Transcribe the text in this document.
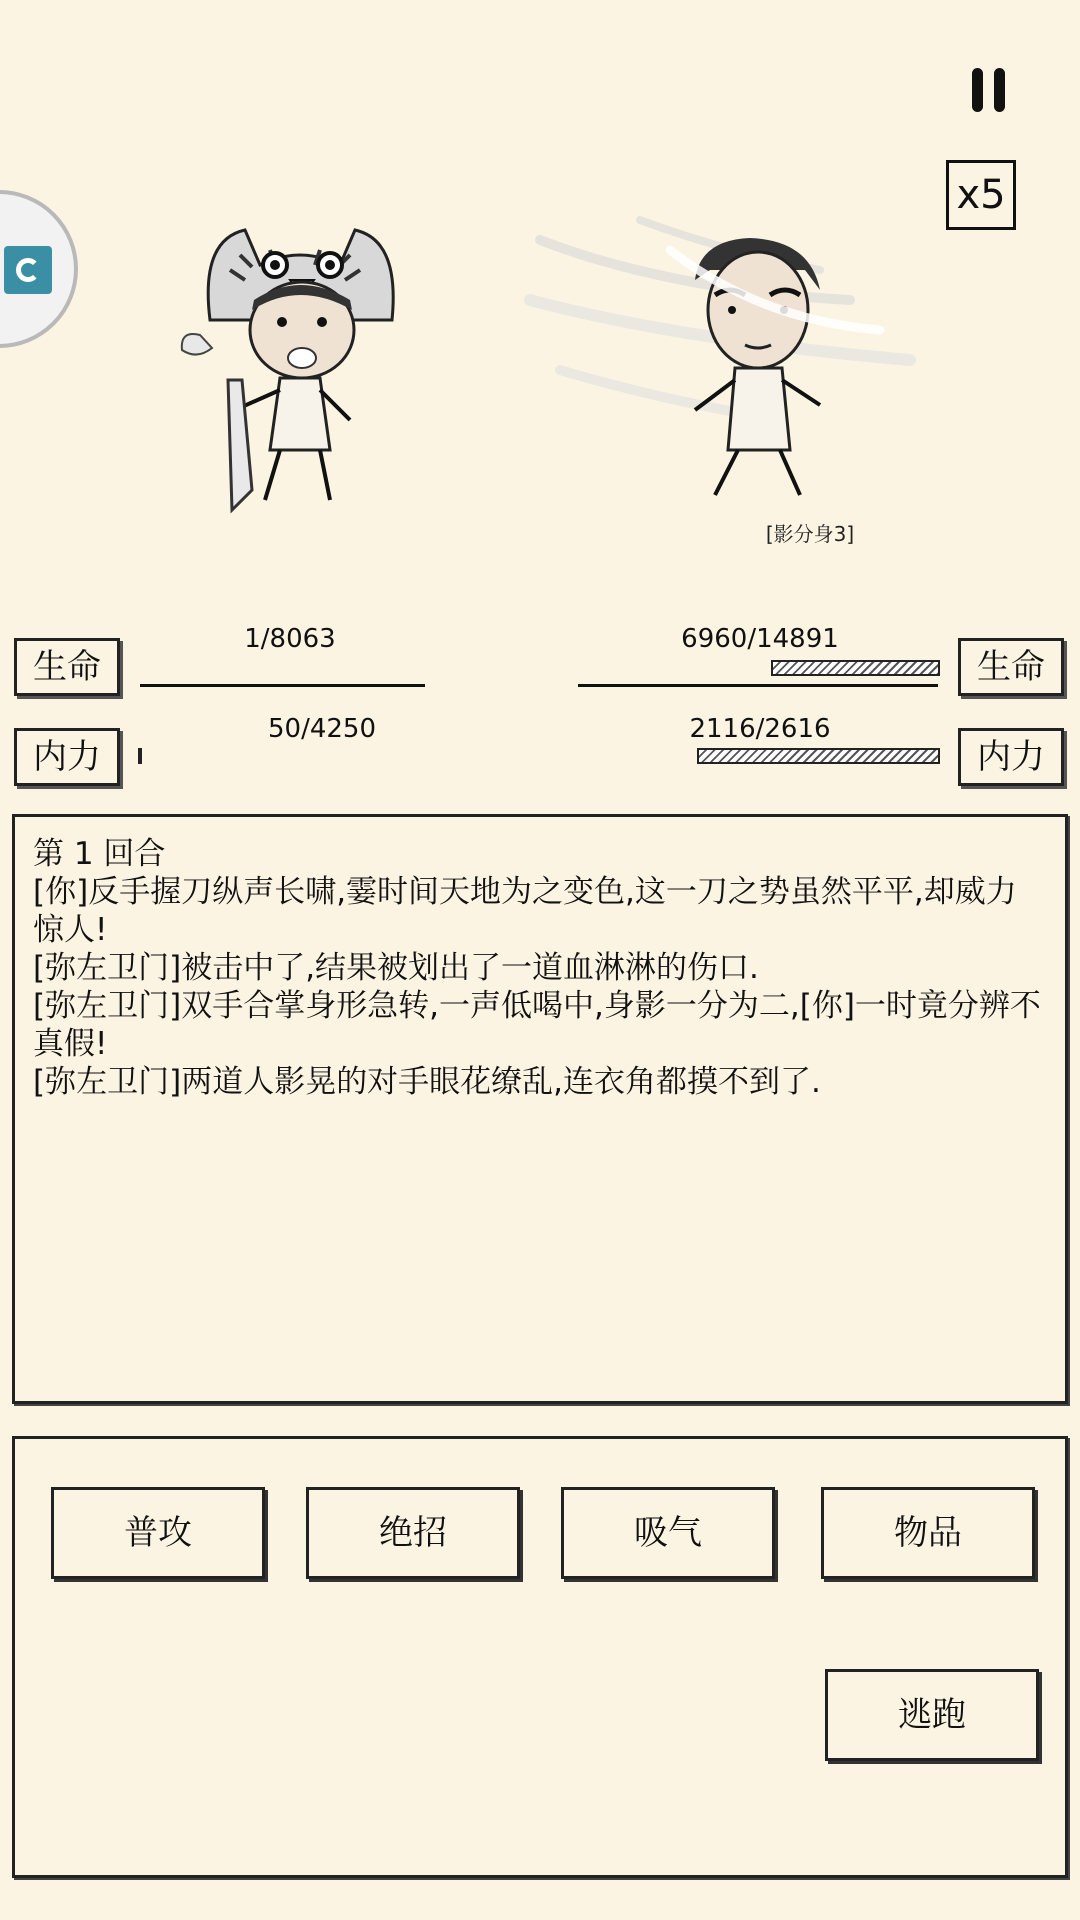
x5
[影分身3]
生命
1/8063
内力
50/4250
生命
6960/14891
内力
2116/2616

第 1 回合

[你]反手握刀纵声长啸,霎时间天地为之变色,这一刀之势虽然平平,却威力惊人!

[弥左卫门]被击中了,结果被划出了一道血淋淋的伤口.

[弥左卫门]双手合掌身形急转,一声低喝中,身影一分为二,[你]一时竟分辨不真假!

[弥左卫门]两道人影晃的对手眼花缭乱,连衣角都摸不到了.

普攻	绝招	吸气	物品
逃跑
